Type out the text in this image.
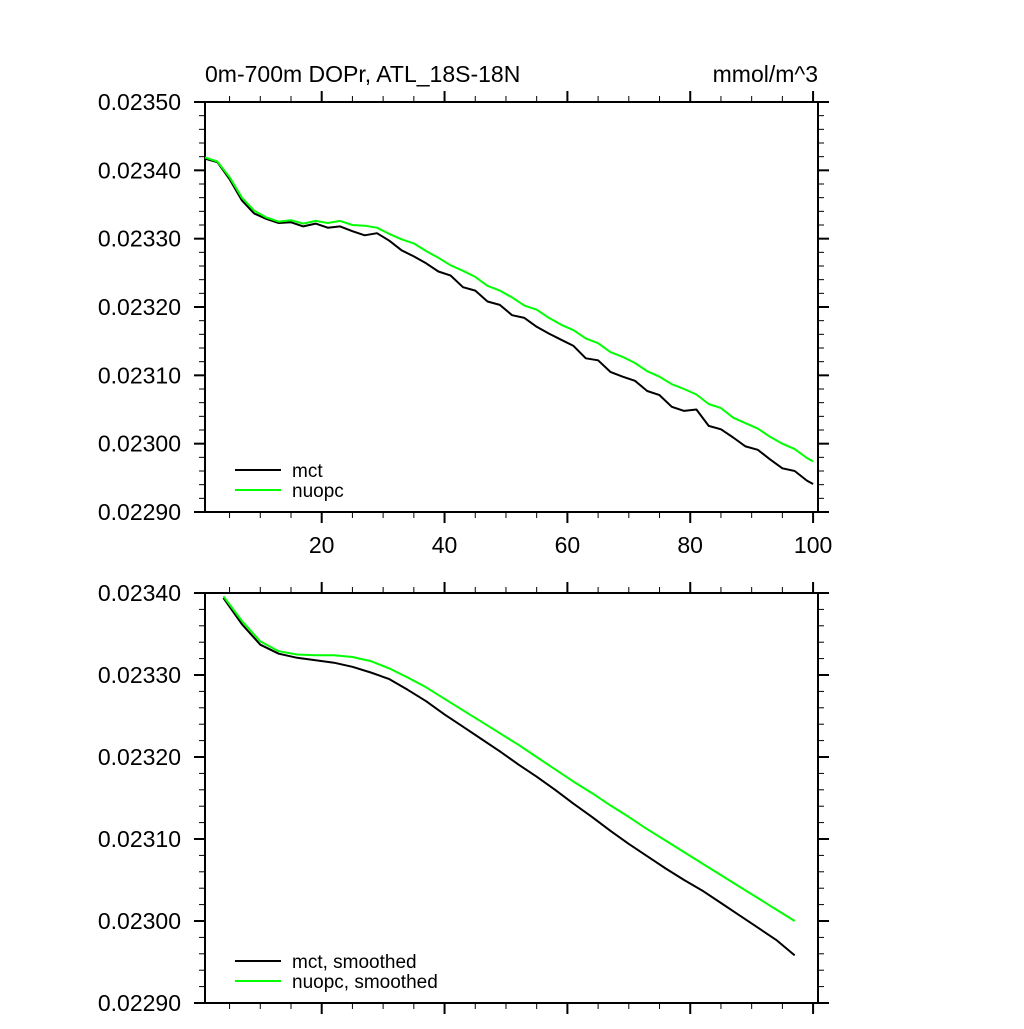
0m-700m DOPr, ATL_18S-18N	mmol/m^3
0.02350
0.02340
0.02330
0.02320
0.02310
0.02300
0.02290
20	40	60	80	100
mct
nuopc
0.02340
0.02330
0.02320
0.02310
0.02300
0.02290
mct, smoothed
nuopc, smoothed
